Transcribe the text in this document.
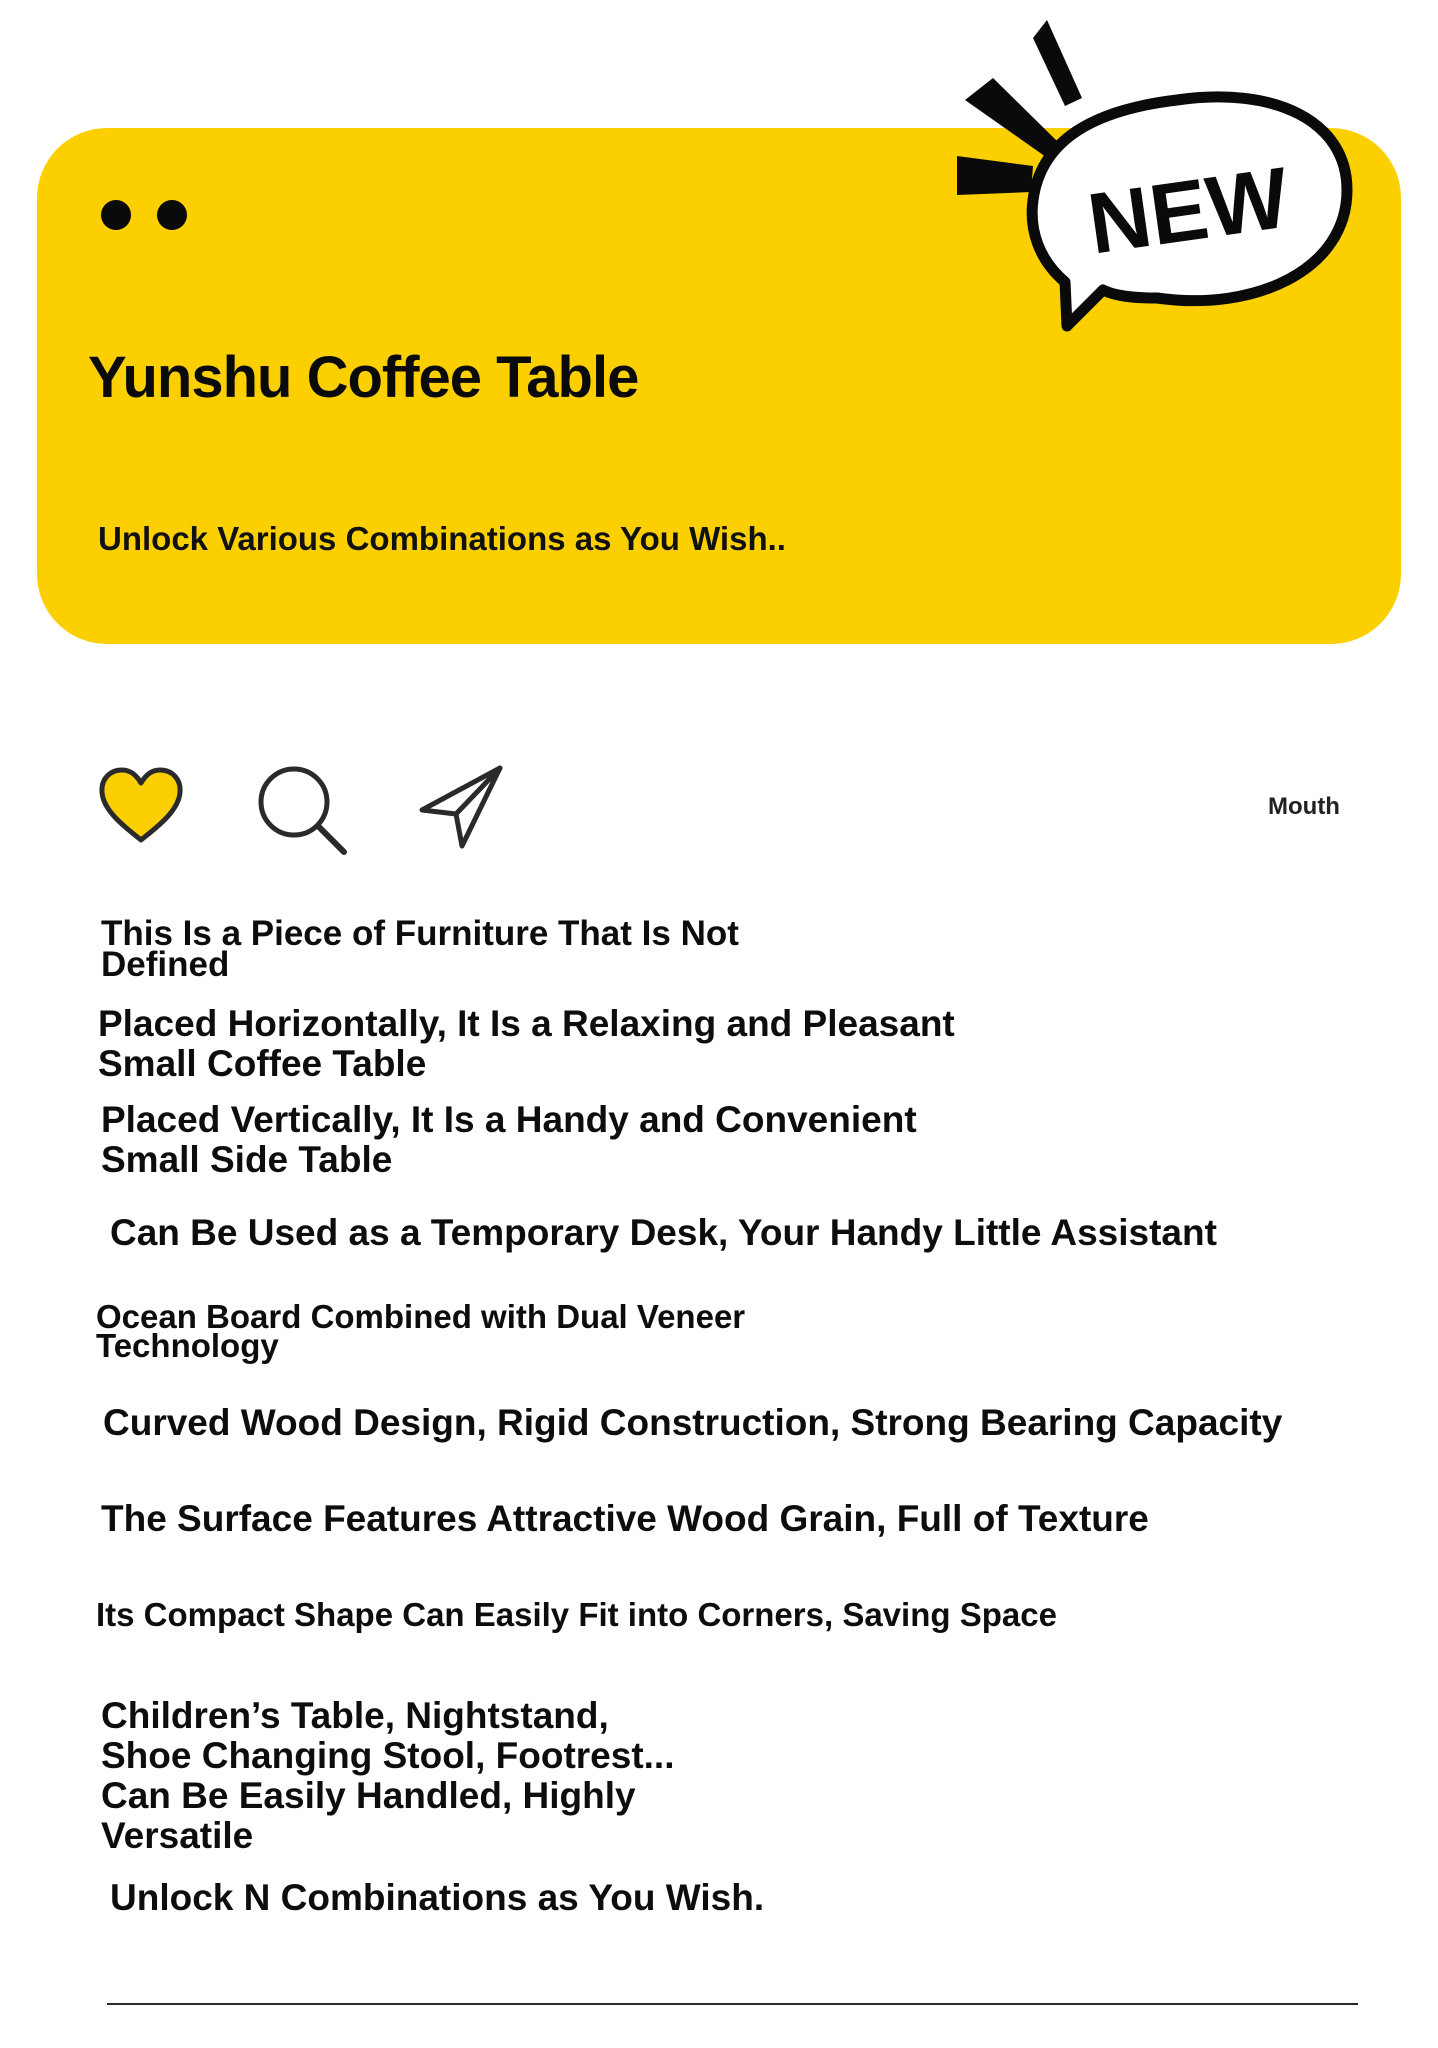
Yunshu Coffee Table

Unlock Various Combinations as You Wish..

NEW
Mouth
This Is a Piece of Furniture That Is Not Defined
Placed Horizontally, It Is a Relaxing and Pleasant Small Coffee Table
Placed Vertically, It Is a Handy and Convenient Small Side Table
Can Be Used as a Temporary Desk, Your Handy Little Assistant
Ocean Board Combined with Dual Veneer Technology
Curved Wood Design, Rigid Construction, Strong Bearing Capacity
The Surface Features Attractive Wood Grain, Full of Texture
Its Compact Shape Can Easily Fit into Corners, Saving Space
Children’s Table, Nightstand, Shoe Changing Stool, Footrest... Can Be Easily Handled, Highly Versatile
Unlock N Combinations as You Wish.
